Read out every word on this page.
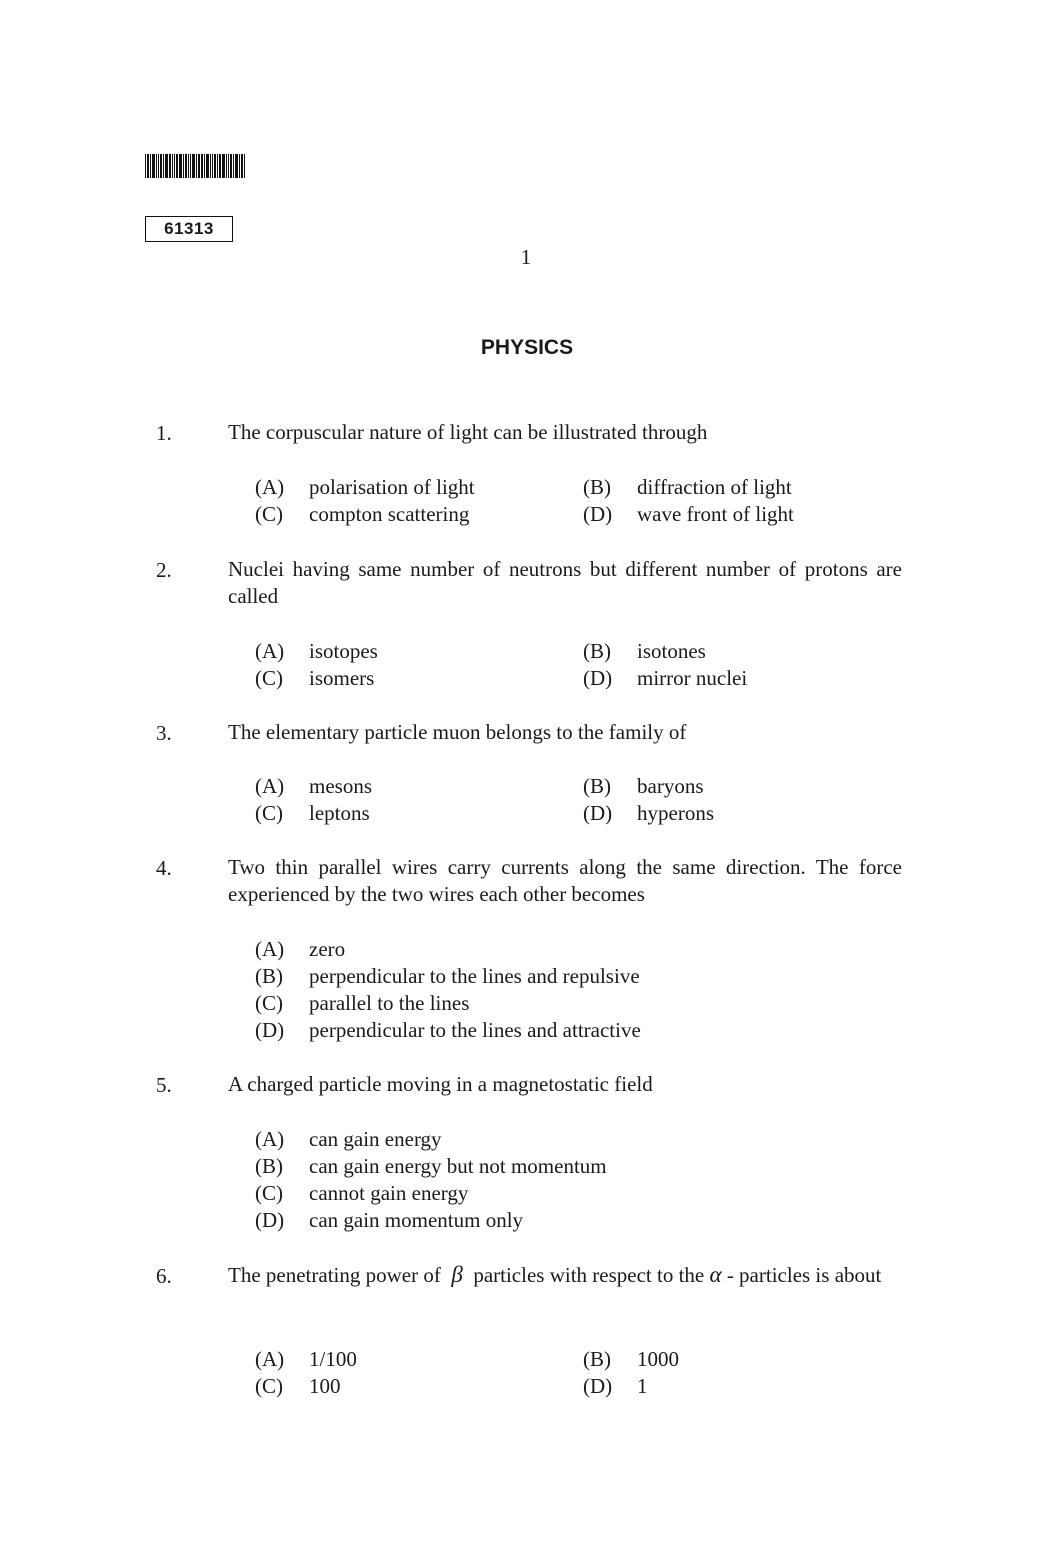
61313
1
PHYSICS
1.	The corpuscular nature of light can be illustrated through
(A) polarisation of light	(B) diffraction of light
(C) compton scattering	(D) wave front of light
2.	Nuclei having same number of neutrons but different number of protons are called
(A) isotopes	(B) isotones
(C) isomers	(D) mirror nuclei
3.	The elementary particle muon belongs to the family of
(A) mesons	(B) baryons
(C) leptons	(D) hyperons
4.	Two thin parallel wires carry currents along the same direction. The force experienced by the two wires each other becomes
(A) zero
(B) perpendicular to the lines and repulsive
(C) parallel to the lines
(D) perpendicular to the lines and attractive
5.	A charged particle moving in a magnetostatic field
(A) can gain energy
(B) can gain energy but not momentum
(C) cannot gain energy
(D) can gain momentum only
6.	The penetrating power of β particles with respect to the α - particles is about
(A) 1/100	(B) 1000
(C) 100	(D) 1
